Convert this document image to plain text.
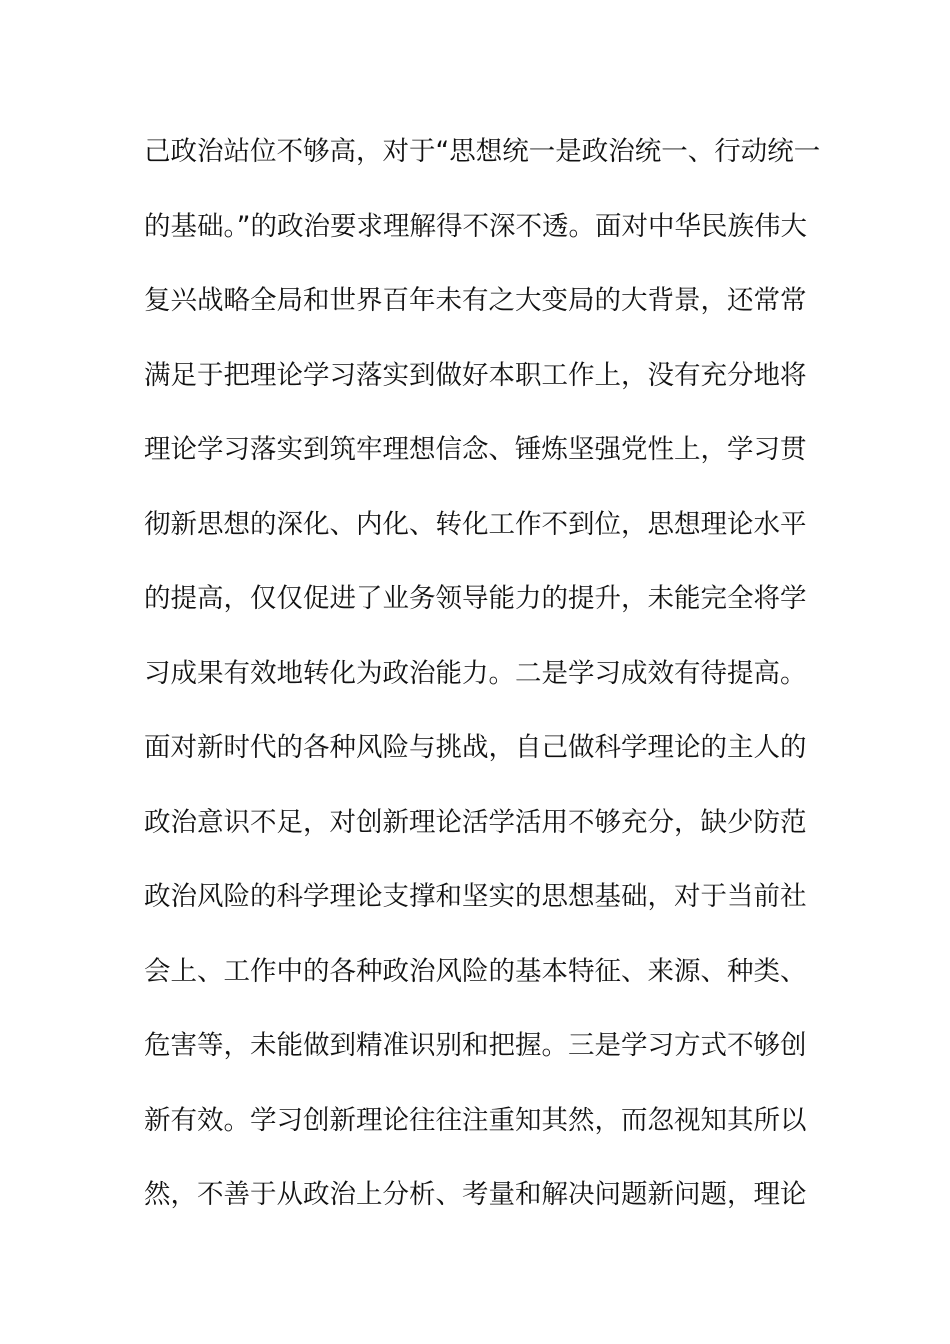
己政治站位不够高，对于“思想统一是政治统一、行动统一
的基础。”的政治要求理解得不深不透。面对中华民族伟大
复兴战略全局和世界百年未有之大变局的大背景，还常常
满足于把理论学习落实到做好本职工作上，没有充分地将
理论学习落实到筑牢理想信念、锤炼坚强党性上，学习贯
彻新思想的深化、内化、转化工作不到位，思想理论水平
的提高，仅仅促进了业务领导能力的提升，未能完全将学
习成果有效地转化为政治能力。二是学习成效有待提高。
面对新时代的各种风险与挑战，自己做科学理论的主人的
政治意识不足，对创新理论活学活用不够充分，缺少防范
政治风险的科学理论支撑和坚实的思想基础，对于当前社
会上、工作中的各种政治风险的基本特征、来源、种类、
危害等，未能做到精准识别和把握。三是学习方式不够创
新有效。学习创新理论往往注重知其然，而忽视知其所以
然，不善于从政治上分析、考量和解决问题新问题，理论
